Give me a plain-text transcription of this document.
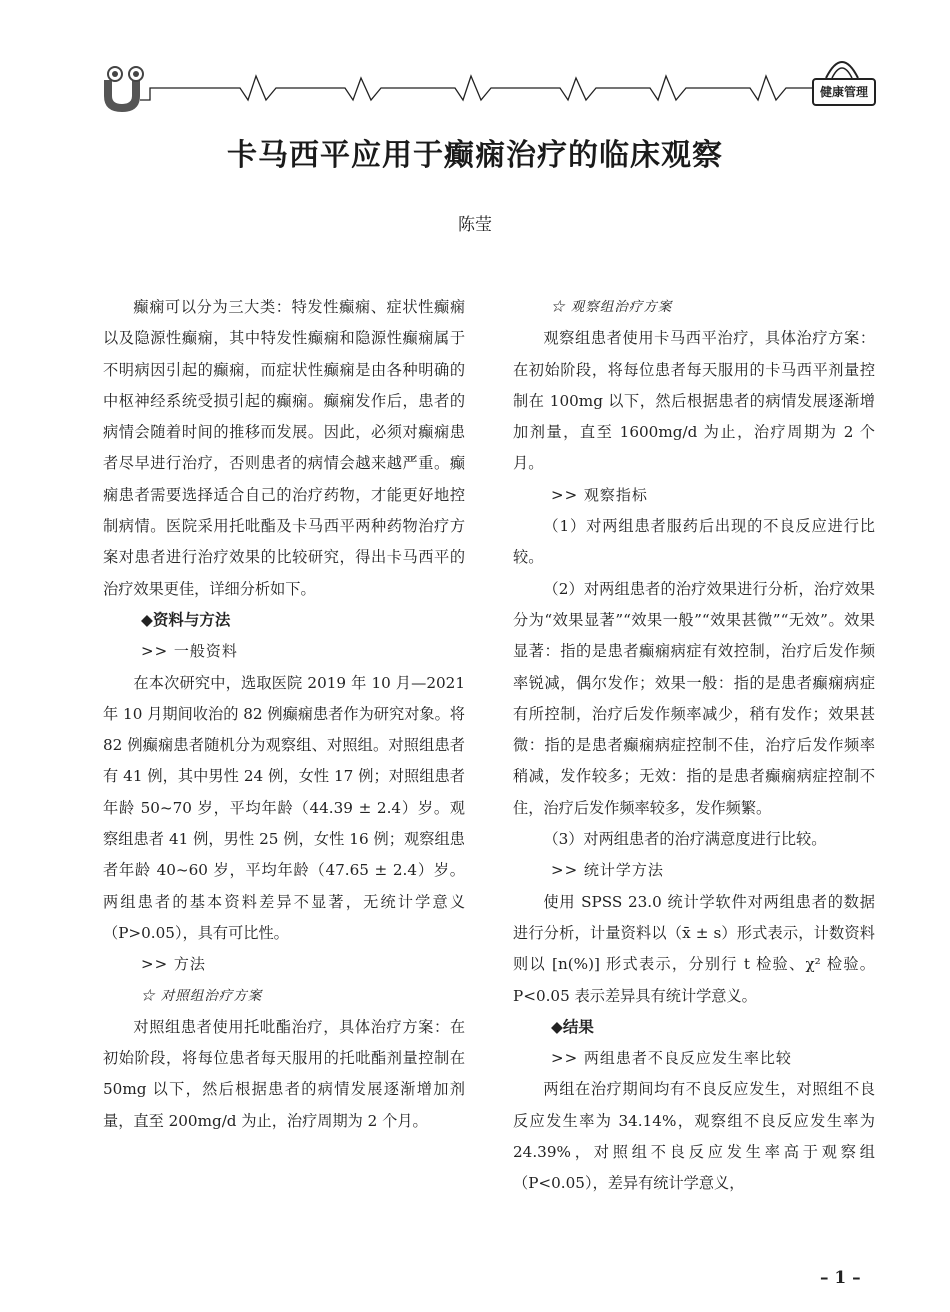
健康管理
卡马西平应用于癫痫治疗的临床观察
陈莹

癫痫可以分为三大类：特发性癫痫、症状性癫痫以及隐源性癫痫，其中特发性癫痫和隐源性癫痫属于不明病因引起的癫痫，而症状性癫痫是由各种明确的中枢神经系统受损引起的癫痫。癫痫发作后，患者的病情会随着时间的推移而发展。因此，必须对癫痫患者尽早进行治疗，否则患者的病情会越来越严重。癫痫患者需要选择适合自己的治疗药物，才能更好地控制病情。医院采用托吡酯及卡马西平两种药物治疗方案对患者进行治疗效果的比较研究，得出卡马西平的治疗效果更佳，详细分析如下。

◆资料与方法
>> 一般资料

在本次研究中，选取医院 2019 年 10 月—2021 年 10 月期间收治的 82 例癫痫患者作为研究对象。将 82 例癫痫患者随机分为观察组、对照组。对照组患者有 41 例，其中男性 24 例，女性 17 例；对照组患者年龄 50~70 岁，平均年龄（44.39 ± 2.4）岁。观察组患者 41 例，男性 25 例，女性 16 例；观察组患者年龄 40~60 岁，平均年龄（47.65 ± 2.4）岁。两组患者的基本资料差异不显著，无统计学意义（P>0.05），具有可比性。

>> 方法
☆ 对照组治疗方案

对照组患者使用托吡酯治疗，具体治疗方案：在初始阶段，将每位患者每天服用的托吡酯剂量控制在 50mg 以下，然后根据患者的病情发展逐渐增加剂量，直至 200mg/d 为止，治疗周期为 2 个月。

☆ 观察组治疗方案

观察组患者使用卡马西平治疗，具体治疗方案：在初始阶段，将每位患者每天服用的卡马西平剂量控制在 100mg 以下，然后根据患者的病情发展逐渐增加剂量，直至 1600mg/d 为止，治疗周期为 2 个月。

>> 观察指标

（1）对两组患者服药后出现的不良反应进行比较。

（2）对两组患者的治疗效果进行分析，治疗效果分为“效果显著”“效果一般”“效果甚微”“无效”。效果显著：指的是患者癫痫病症有效控制，治疗后发作频率锐减，偶尔发作；效果一般：指的是患者癫痫病症有所控制，治疗后发作频率减少，稍有发作；效果甚微：指的是患者癫痫病症控制不佳，治疗后发作频率稍减，发作较多；无效：指的是患者癫痫病症控制不住，治疗后发作频率较多，发作频繁。

（3）对两组患者的治疗满意度进行比较。

>> 统计学方法

使用 SPSS 23.0 统计学软件对两组患者的数据进行分析，计量资料以（x̄ ± s）形式表示，计数资料则以 [n(%)] 形式表示，分别行 t 检验、χ² 检验。P<0.05 表示差异具有统计学意义。

◆结果
>> 两组患者不良反应发生率比较

两组在治疗期间均有不良反应发生，对照组不良反应发生率为 34.14%，观察组不良反应发生率为 24.39%，对照组不良反应发生率高于观察组（P<0.05），差异有统计学意义，

– 1 –
